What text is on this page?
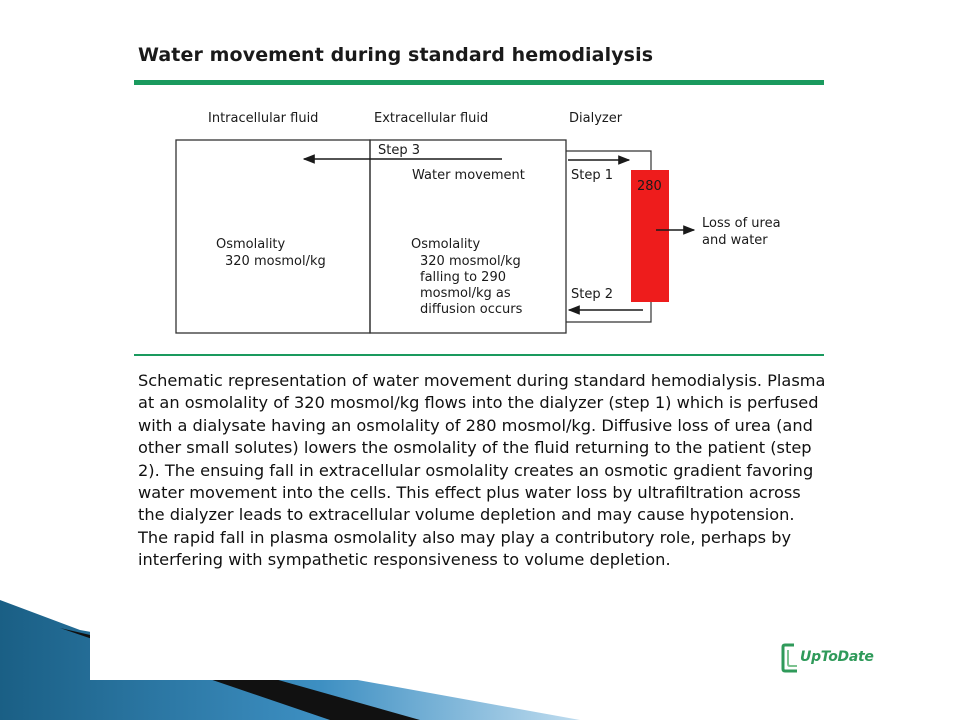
Water movement during standard hemodialysis
Intracellular fluid	Extracellular fluid	Dialyzer
Step 3
Water movement	Step 1
Step 2
280
Loss of urea
and water
Osmolality
320 mosmol/kg
Osmolality
320 mosmol/kg
falling to 290
mosmol/kg as
diffusion occurs

Schematic representation of water movement during standard hemodialysis. Plasma at an osmolality of 320 mosmol/kg flows into the dialyzer (step 1) which is perfused with a dialysate having an osmolality of 280 mosmol/kg. Diffusive loss of urea (and other small solutes) lowers the osmolality of the fluid returning to the patient (step 2). The ensuing fall in extracellular osmolality creates an osmotic gradient favoring water movement into the cells. This effect plus water loss by ultrafiltration across the dialyzer leads to extracellular volume depletion and may cause hypotension. The rapid fall in plasma osmolality also may play a contributory role, perhaps by interfering with sympathetic responsiveness to volume depletion.

UpToDate
